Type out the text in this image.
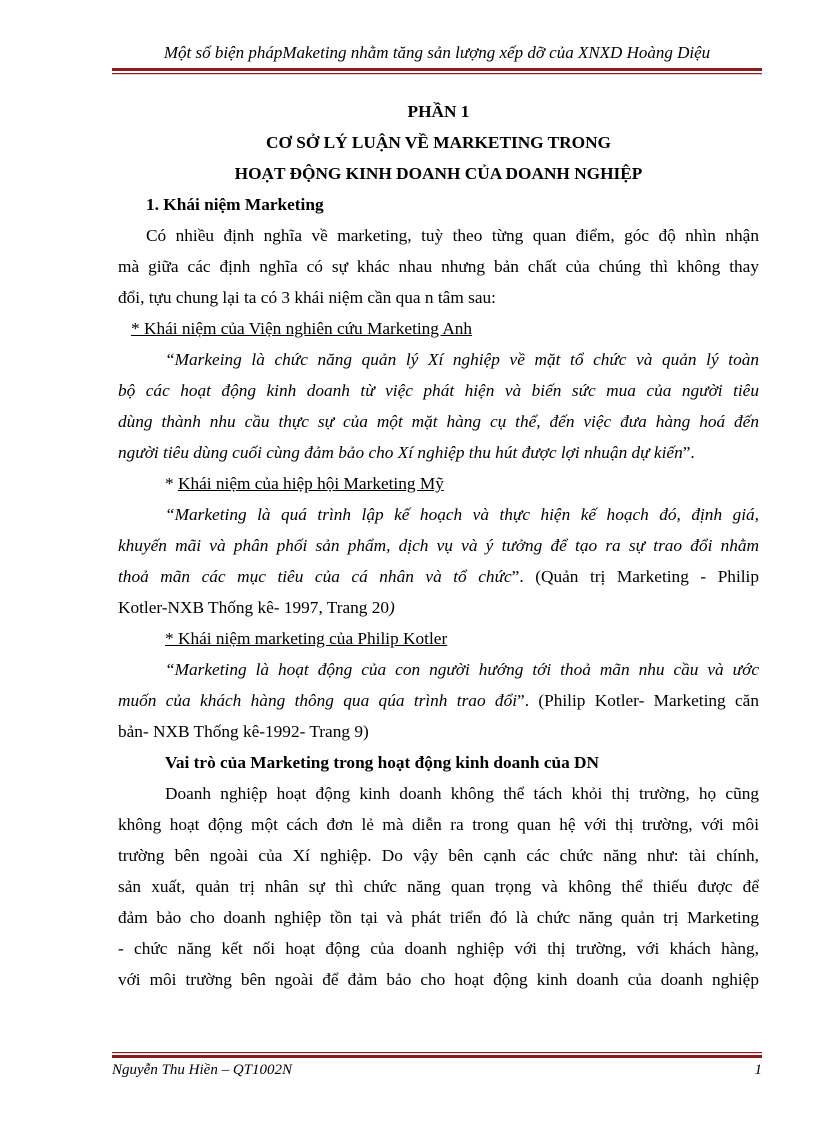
Một số biện phápMaketing nhằm tăng sản lượng xếp dỡ của XNXD Hoàng Diệu
PHẦN 1
CƠ SỞ LÝ LUẬN VỀ MARKETING TRONG
HOẠT ĐỘNG KINH DOANH CỦA DOANH NGHIỆP
1. Khái niệm Marketing
Có nhiều định nghĩa về marketing, tuỳ theo từng quan điểm, góc độ nhìn nhận
mà giữa các định nghĩa có sự khác nhau nhưng bản chất của chúng thì không thay
đổi, tựu chung lại ta có 3 khái niệm cần qua n tâm sau:
* Khái niệm của Viện nghiên cứu Marketing Anh
“Markeing là chức năng quản lý Xí nghiệp về mặt tổ chức và quản lý toàn
bộ các hoạt động kinh doanh từ việc phát hiện và biến sức mua của người tiêu
dùng thành nhu cầu thực sự của một mặt hàng cụ thể, đến việc đưa hàng hoá đến
người tiêu dùng cuối cùng đảm bảo cho Xí nghiệp thu hút được lợi nhuận dự kiến”.
* Khái niệm của hiệp hội Marketing Mỹ
“Marketing là quá trình lập kế hoạch và thực hiện kế hoạch đó, định giá,
khuyến mãi và phân phối sản phẩm, dịch vụ và ý tưởng để tạo ra sự trao đổi nhằm
thoả mãn các mục tiêu của cá nhân và tổ chức”. (Quản trị Marketing - Philip
Kotler-NXB Thống kê- 1997, Trang 20)
* Khái niệm marketing của Philip Kotler
“Marketing là hoạt động của con người hướng tới thoả mãn nhu cầu và ước
muốn của khách hàng thông qua qúa trình trao đổi”. (Philip Kotler- Marketing căn
bản- NXB Thống kê-1992- Trang 9)
Vai trò của Marketing trong hoạt động kinh doanh của DN
Doanh nghiệp hoạt động kinh doanh không thể tách khỏi thị trường, họ cũng
không hoạt động một cách đơn lẻ mà diễn ra trong quan hệ với thị trường, với môi
trường bên ngoài của Xí nghiệp. Do vậy bên cạnh các chức năng như: tài chính,
sản xuất, quản trị nhân sự thì chức năng quan trọng và không thể thiếu được để
đảm bảo cho doanh nghiệp tồn tại và phát triển đó là chức năng quản trị Marketing
- chức năng kết nối hoạt động của doanh nghiệp với thị trường, với khách hàng,
với môi trường bên ngoài để đảm bảo cho hoạt động kinh doanh của doanh nghiệp
Nguyễn Thu Hiền – QT1002N	1
